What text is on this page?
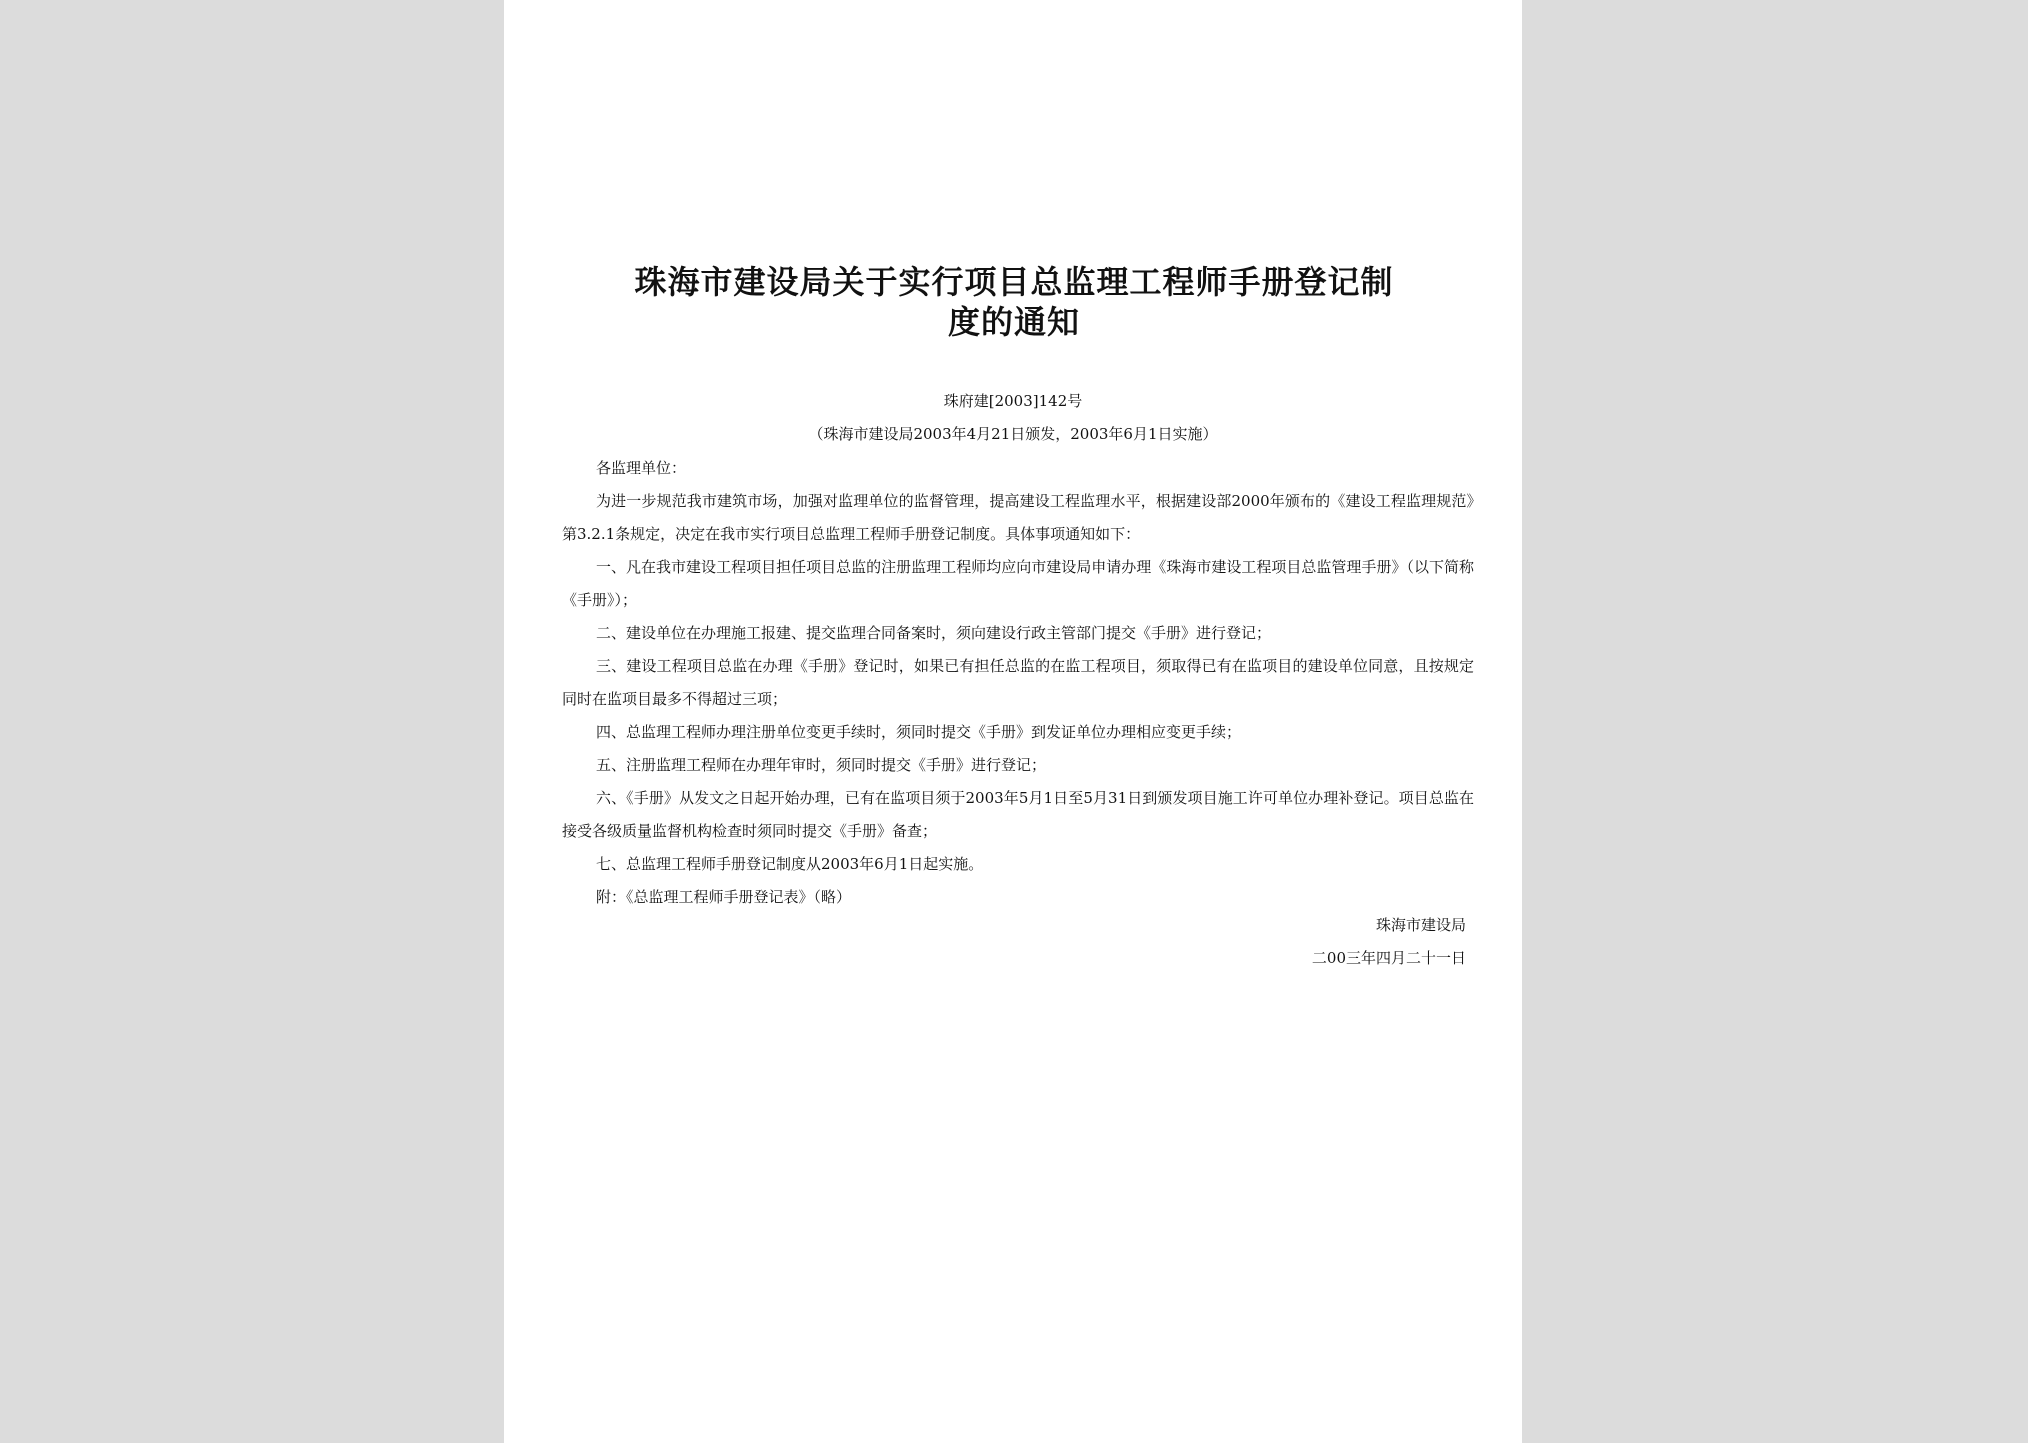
珠海市建设局关于实行项目总监理工程师手册登记制
度的通知
珠府建[2003]142号
（珠海市建设局2003年4月21日颁发，2003年6月1日实施）

各监理单位：

为进一步规范我市建筑市场，加强对监理单位的监督管理，提高建设工程监理水平，根据建设部2000年颁布的《建设工程监理规范》第3.2.1条规定，决定在我市实行项目总监理工程师手册登记制度。具体事项通知如下：

一、凡在我市建设工程项目担任项目总监的注册监理工程师均应向市建设局申请办理《珠海市建设工程项目总监管理手册》（以下简称《手册》）；

二、建设单位在办理施工报建、提交监理合同备案时，须向建设行政主管部门提交《手册》进行登记；

三、建设工程项目总监在办理《手册》登记时，如果已有担任总监的在监工程项目，须取得已有在监项目的建设单位同意，且按规定同时在监项目最多不得超过三项；

四、总监理工程师办理注册单位变更手续时，须同时提交《手册》到发证单位办理相应变更手续；

五、注册监理工程师在办理年审时，须同时提交《手册》进行登记；

六、《手册》从发文之日起开始办理，已有在监项目须于2003年5月1日至5月31日到颁发项目施工许可单位办理补登记。项目总监在接受各级质量监督机构检查时须同时提交《手册》备查；

七、总监理工程师手册登记制度从2003年6月1日起实施。

附：《总监理工程师手册登记表》（略）

珠海市建设局
二00三年四月二十一日
